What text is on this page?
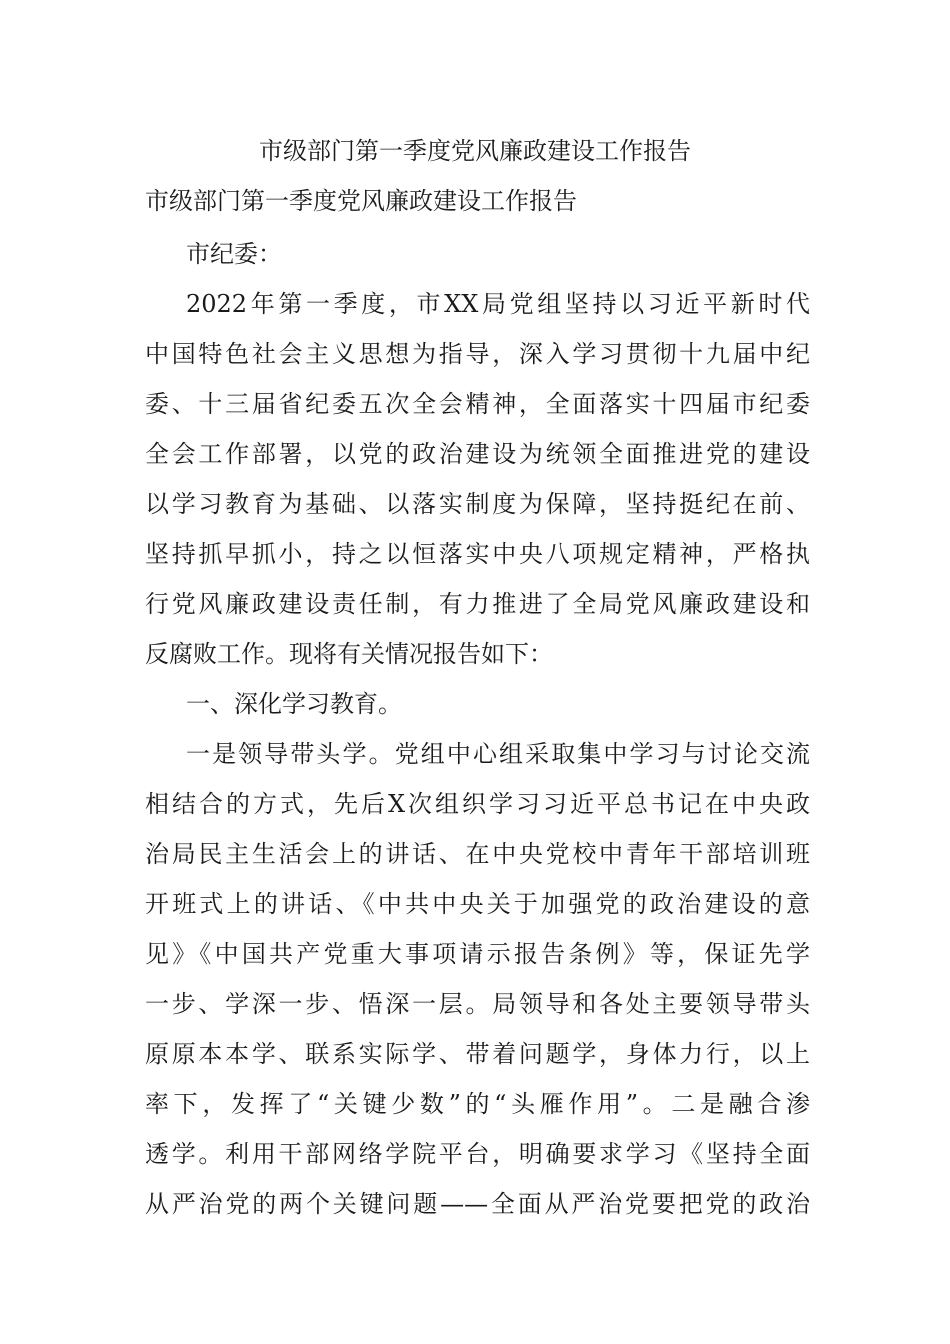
市级部门第一季度党风廉政建设工作报告
市级部门第一季度党风廉政建设工作报告
市纪委：
2022年第一季度，市XX局党组坚持以习近平新时代
中国特色社会主义思想为指导，深入学习贯彻十九届中纪
委、十三届省纪委五次全会精神，全面落实十四届市纪委
全会工作部署，以党的政治建设为统领全面推进党的建设
以学习教育为基础、以落实制度为保障，坚持挺纪在前、
坚持抓早抓小，持之以恒落实中央八项规定精神，严格执
行党风廉政建设责任制，有力推进了全局党风廉政建设和
反腐败工作。现将有关情况报告如下：
一、深化学习教育。
一是领导带头学。党组中心组采取集中学习与讨论交流
相结合的方式，先后X次组织学习习近平总书记在中央政
治局民主生活会上的讲话、在中央党校中青年干部培训班
开班式上的讲话、《中共中央关于加强党的政治建设的意
见》《中国共产党重大事项请示报告条例》等，保证先学
一步、学深一步、悟深一层。局领导和各处主要领导带头
原原本本学、联系实际学、带着问题学，身体力行，以上
率下，发挥了“关键少数”的“头雁作用”。二是融合渗
透学。利用干部网络学院平台，明确要求学习《坚持全面
从严治党的两个关键问题——全面从严治党要把党的政治
